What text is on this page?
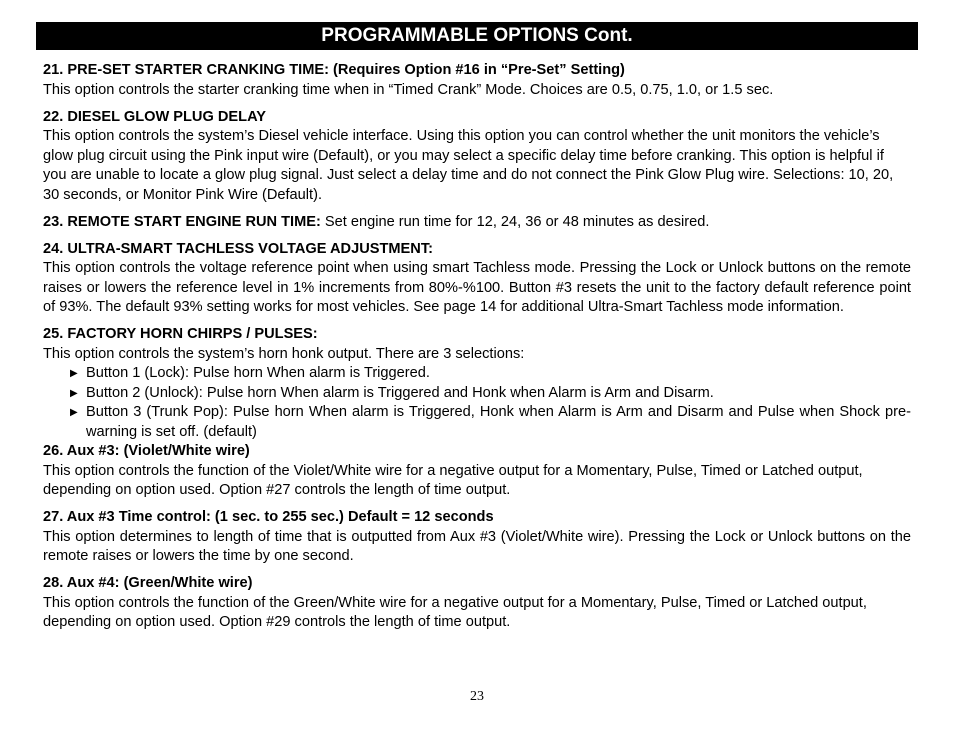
PROGRAMMABLE OPTIONS Cont.
21. PRE-SET STARTER CRANKING TIME: (Requires Option #16 in “Pre-Set” Setting)

This option controls the starter cranking time when in “Timed Crank” Mode. Choices are 0.5, 0.75, 1.0, or 1.5 sec.

22. DIESEL GLOW PLUG DELAY

This option controls the system’s Diesel vehicle interface. Using this option you can control whether the unit monitors the vehicle’s glow plug circuit using the Pink input wire (Default), or you may select a specific delay time before cranking. This option is helpful if you are unable to locate a glow plug signal. Just select a delay time and do not connect the Pink Glow Plug wire. Selections: 10, 20, 30 seconds, or Monitor Pink Wire (Default).

23. REMOTE START ENGINE RUN TIME: Set engine run time for 12, 24, 36 or 48 minutes as desired.

24. ULTRA-SMART TACHLESS VOLTAGE ADJUSTMENT:

This option controls the voltage reference point when using smart Tachless mode. Pressing the Lock or Unlock buttons on the remote raises or lowers the reference level in 1% increments from 80%-%100. Button #3 resets the unit to the factory default reference point of 93%. The default 93% setting works for most vehicles. See page 14 for additional Ultra-Smart Tachless mode information.

25. FACTORY HORN CHIRPS / PULSES:

This option controls the system’s horn honk output. There are 3 selections:

▶ Button 1 (Lock): Pulse horn When alarm is Triggered.
▶ Button 2 (Unlock): Pulse horn When alarm is Triggered and Honk when Alarm is Arm and Disarm.
▶ Button 3 (Trunk Pop): Pulse horn When alarm is Triggered, Honk when Alarm is Arm and Disarm and Pulse when Shock pre-warning is set off. (default)
26. Aux #3: (Violet/White wire)

This option controls the function of the Violet/White wire for a negative output for a Momentary, Pulse, Timed or Latched output, depending on option used. Option #27 controls the length of time output.

27. Aux #3 Time control: (1 sec. to 255 sec.) Default = 12 seconds

This option determines to length of time that is outputted from Aux #3 (Violet/White wire). Pressing the Lock or Unlock buttons on the remote raises or lowers the time by one second.

28. Aux #4: (Green/White wire)

This option controls the function of the Green/White wire for a negative output for a Momentary, Pulse, Timed or Latched output, depending on option used. Option #29 controls the length of time output.

23
